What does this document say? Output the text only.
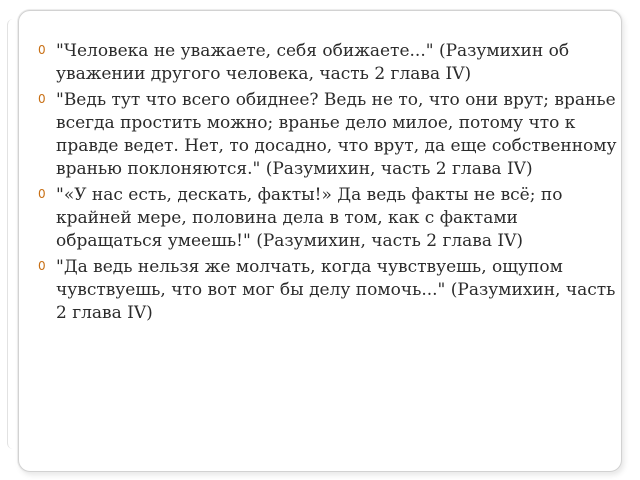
0 "Человека не уважаете, себя обижаете..." (Разумихин об уважении другого человека, часть 2 глава IV)
0 "Ведь тут что всего обиднее? Ведь не то, что они врут; вранье всегда простить можно; вранье дело милое, потому что к правде ведет. Нет, то досадно, что врут, да еще собственному вранью поклоняются." (Разумихин, часть 2 глава IV)
0 "«У нас есть, дескать, факты!» Да ведь факты не всё; по крайней мере, половина дела в том, как с фактами обращаться умеешь!" (Разумихин, часть 2 глава IV)
0 "Да ведь нельзя же молчать, когда чувствуешь, ощупом чувствуешь, что вот мог бы делу помочь..." (Разумихин, часть 2 глава IV)
